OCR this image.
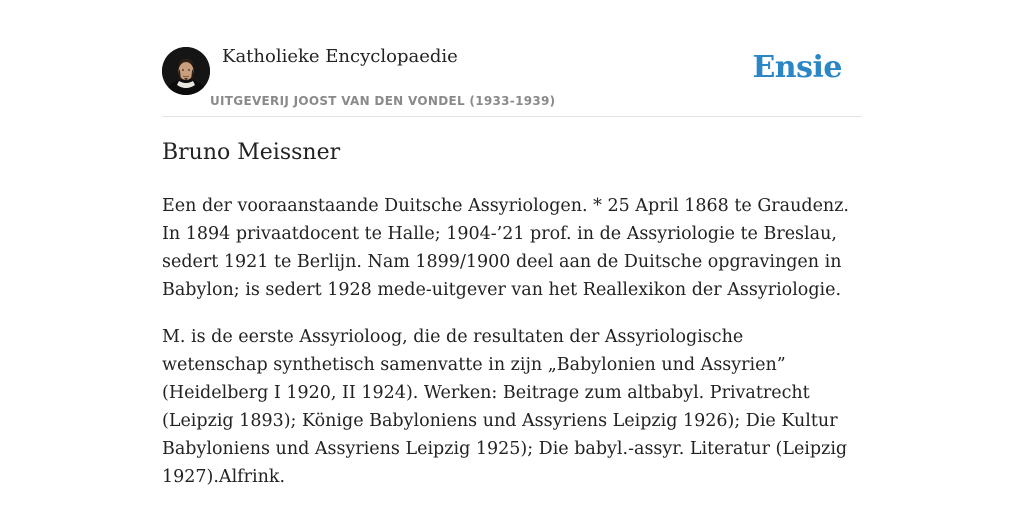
Katholieke Encyclopaedie
UITGEVERIJ JOOST VAN DEN VONDEL (1933-1939)
Ensie
Bruno Meissner

Een der vooraanstaande Duitsche Assyriologen. * 25 April 1868 te Graudenz. In 1894 privaatdocent te Halle; 1904-’21 prof. in de Assyriologie te Breslau, sedert 1921 te Berlijn. Nam 1899/1900 deel aan de Duitsche opgravingen in Babylon; is sedert 1928 mede-uitgever van het Reallexikon der Assyriologie.

M. is de eerste Assyrioloog, die de resultaten der Assyriologische wetenschap synthetisch samenvatte in zijn „Babylonien und Assyrien” (Heidelberg I 1920, II 1924). Werken: Beitrage zum altbabyl. Privatrecht (Leipzig 1893); Könige Babyloniens und Assyriens Leipzig 1926); Die Kultur Babyloniens und Assyriens Leipzig 1925); Die babyl.-assyr. Literatur (Leipzig 1927).Alfrink.
